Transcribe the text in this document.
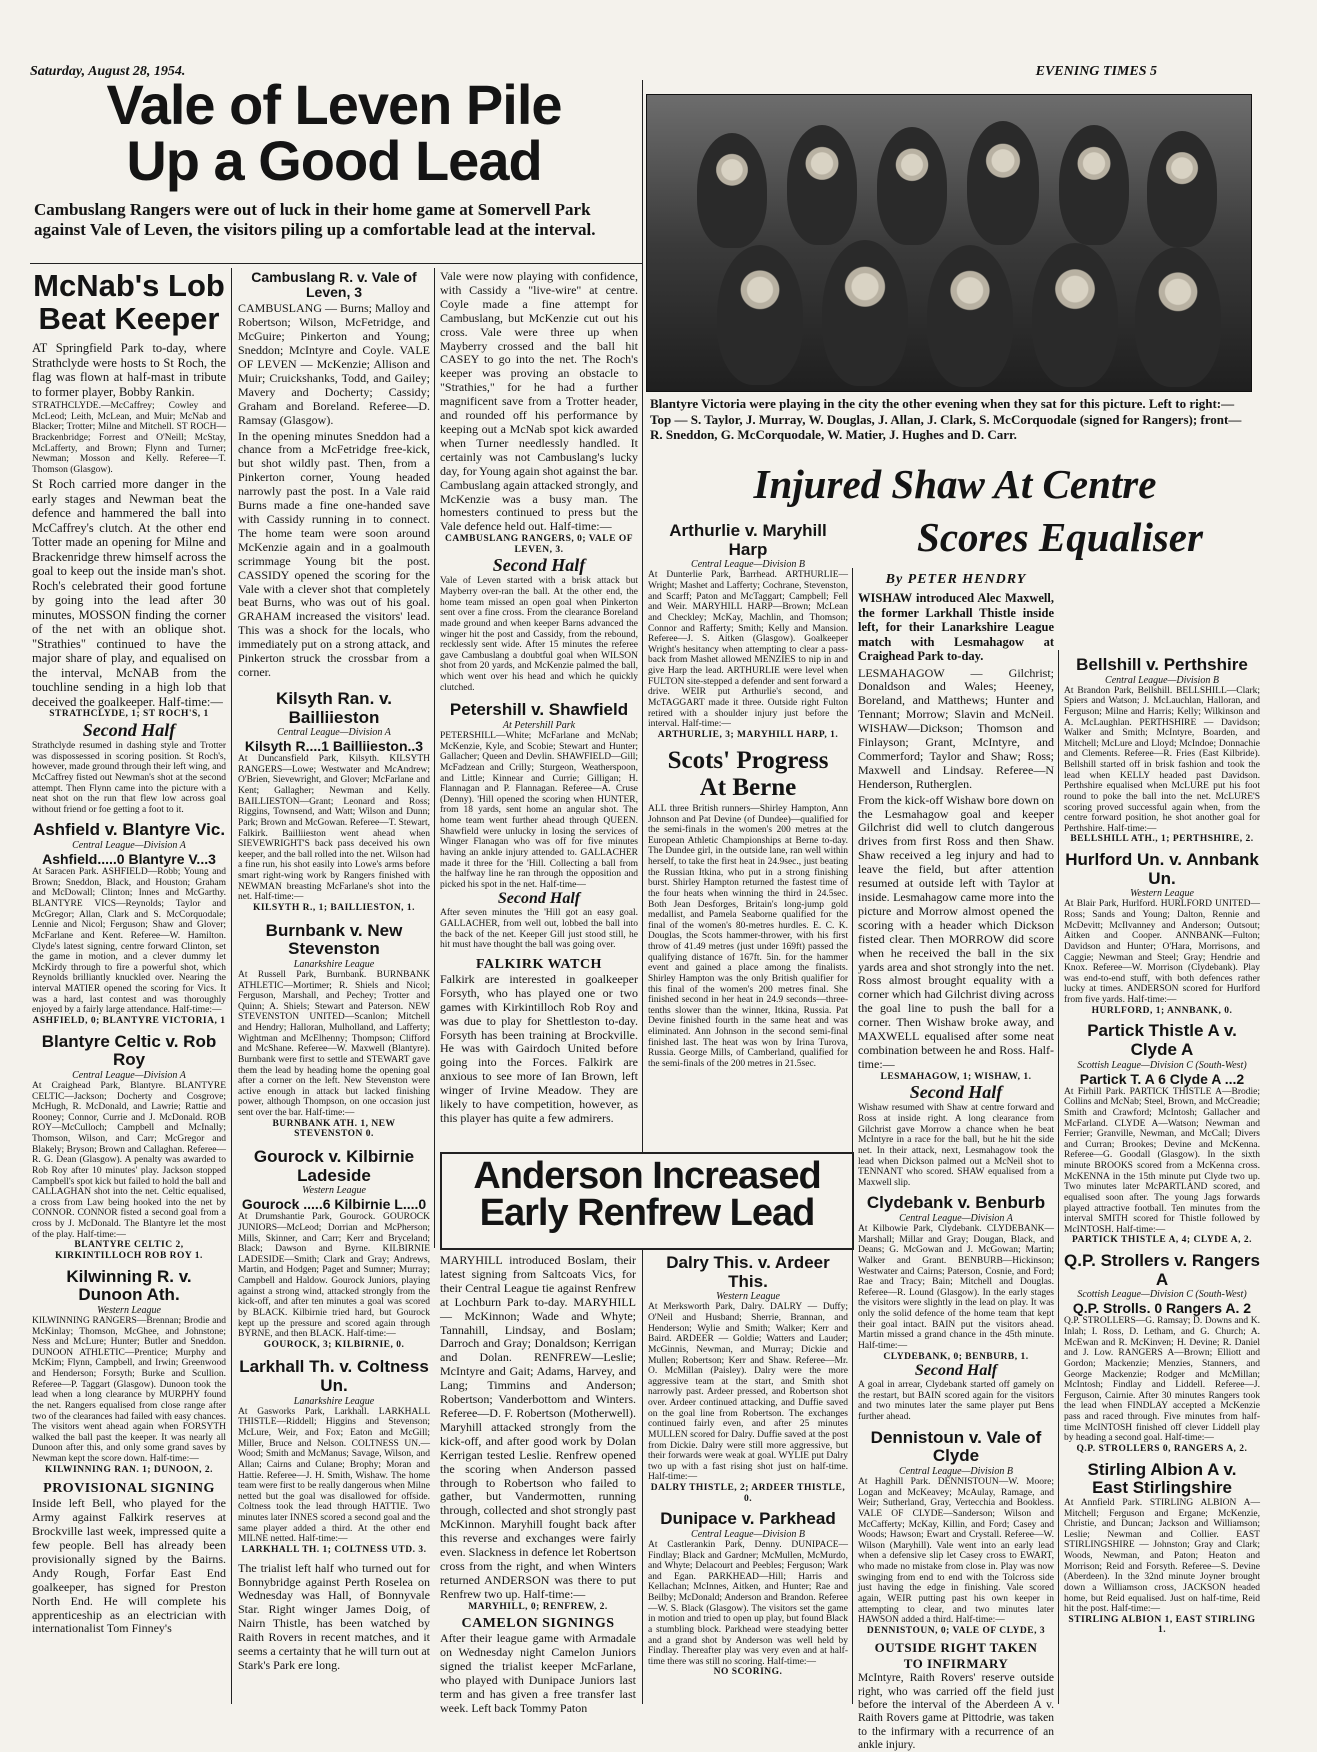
Saturday, August 28, 1954.	EVENING TIMES 5
Vale of Leven Pile
Up a Good Lead
Cambuslang Rangers were out of luck in their home game at Somervell Park against Vale of Leven, the visitors piling up a comfortable lead at the interval.
McNab's Lob
Beat Keeper
AT Springfield Park to-day, where Strathclyde were hosts to St Roch, the flag was flown at half-mast in tribute to former player, Bobby Rankin.
STRATHCLYDE.—McCaffrey; Cowley and McLeod; Leith, McLean, and Muir; McNab and Blacker; Trotter; Milne and Mitchell. ST ROCH—Brackenbridge; Forrest and O'Neill; McStay, McLafferty, and Brown; Flynn and Turner; Newman; Mosson and Kelly. Referee—T. Thomson (Glasgow).
St Roch carried more danger in the early stages and Newman beat the defence and hammered the ball into McCaffrey's clutch. At the other end Totter made an opening for Milne and Brackenridge threw himself across the goal to keep out the inside man's shot. Roch's celebrated their good fortune by going into the lead after 30 minutes, MOSSON finding the corner of the net with an oblique shot. "Strathies" continued to have the major share of play, and equalised on the interval, McNAB from the touchline sending in a high lob that deceived the goalkeeper. Half-time:—
STRATHCLYDE, 1; ST ROCH'S, 1
Second Half
Strathclyde resumed in dashing style and Trotter was dispossessed in scoring position. St Roch's, however, made ground through their left wing, and McCaffrey fisted out Newman's shot at the second attempt. Then Flynn came into the picture with a neat shot on the run that flew low across goal without friend or foe getting a foot to it.
Ashfield v. Blantyre Vic.
Central League—Division A
Ashfield.....0 Blantyre V...3
At Saracen Park. ASHFIELD—Robb; Young and Brown; Sneddon, Black, and Houston; Graham and McDowall; Clinton; Innes and McGarthy. BLANTYRE VICS—Reynolds; Taylor and McGregor; Allan, Clark and S. McCorquodale; Lennie and Nicol; Ferguson; Shaw and Glover; McFarlane and Kent. Referee—W. Hamilton. Clyde's latest signing, centre forward Clinton, set the game in motion, and a clever dummy let McKirdy through to fire a powerful shot, which Reynolds brilliantly knuckled over. Nearing the interval MATIER opened the scoring for Vics. It was a hard, last contest and was thoroughly enjoyed by a fairly large attendance. Half-time:—
ASHFIELD, 0; BLANTYRE VICTORIA, 1
Blantyre Celtic v. Rob Roy
Central League—Division A
At Craighead Park, Blantyre. BLANTYRE CELTIC—Jackson; Docherty and Cosgrove; McHugh, R. McDonald, and Lawrie; Rattie and Rooney; Connor, Currie and J. McDonald. ROB ROY—McCulloch; Campbell and McInally; Thomson, Wilson, and Carr; McGregor and Blakely; Bryson; Brown and Callaghan. Referee—R. G. Dean (Glasgow). A penalty was awarded to Rob Roy after 10 minutes' play. Jackson stopped Campbell's spot kick but failed to hold the ball and CALLAGHAN shot into the net. Celtic equalised, a cross from Law being hooked into the net by CONNOR. CONNOR fisted a second goal from a cross by J. McDonald. The Blantyre let the most of the play. Half-time:—
BLANTYRE CELTIC 2, KIRKINTILLOCH ROB ROY 1.
Kilwinning R. v. Dunoon Ath.
Western League
KILWINNING RANGERS—Brennan; Brodie and McKinlay; Thomson, McGhee, and Johnstone; Ness and McLure; Hunter; Butler and Sneddon. DUNOON ATHLETIC—Prentice; Murphy and McKim; Flynn, Campbell, and Irwin; Greenwood and Henderson; Forsyth; Burke and Scullion. Referee—P. Taggart (Glasgow). Dunoon took the lead when a long clearance by MURPHY found the net. Rangers equalised from close range after two of the clearances had failed with easy chances. The visitors went ahead again when FORSYTH walked the ball past the keeper. It was nearly all Dunoon after this, and only some grand saves by Newman kept the score down. Half-time:—
KILWINNING RAN. 1; DUNOON, 2.
PROVISIONAL SIGNING
Inside left Bell, who played for the Army against Falkirk reserves at Brockville last week, impressed quite a few people. Bell has already been provisionally signed by the Bairns. Andy Rough, Forfar East End goalkeeper, has signed for Preston North End. He will complete his apprenticeship as an electrician with internationalist Tom Finney's
Cambuslang R. v. Vale of Leven, 3
CAMBUSLANG — Burns; Malloy and Robertson; Wilson, McFetridge, and McGuire; Pinkerton and Young; Sneddon; McIntyre and Coyle. VALE OF LEVEN — McKenzie; Allison and Muir; Cruickshanks, Todd, and Gailey; Mavery and Docherty; Cassidy; Graham and Boreland. Referee—D. Ramsay (Glasgow).
In the opening minutes Sneddon had a chance from a McFetridge free-kick, but shot wildly past. Then, from a Pinkerton corner, Young headed narrowly past the post. In a Vale raid Burns made a fine one-handed save with Cassidy running in to connect. The home team were soon around McKenzie again and in a goalmouth scrimmage Young bit the post. CASSIDY opened the scoring for the Vale with a clever shot that completely beat Burns, who was out of his goal. GRAHAM increased the visitors' lead. This was a shock for the locals, who immediately put on a strong attack, and Pinkerton struck the crossbar from a corner.
Kilsyth Ran. v. Bailliieston
Central League—Division A
Kilsyth R....1 Bailliieston..3
At Duncansfield Park, Kilsyth. KILSYTH RANGERS—Lowe; Westwater and McAndrew; O'Brien, Sievewright, and Glover; McFarlane and Kent; Gallagher; Newman and Kelly. BAILLIESTON—Grant; Leonard and Ross; Riggins, Townsend, and Watt; Wilson and Dunn; Park; Brown and McGowan. Referee—T. Stewart, Falkirk. Bailliieston went ahead when SIEVEWRIGHT'S back pass deceived his own keeper, and the ball rolled into the net. Wilson had a fine run, his shot easily into Lowe's arms before smart right-wing work by Rangers finished with NEWMAN breasting McFarlane's shot into the net. Half-time:—
KILSYTH R., 1; BAILLIESTON, 1.
Burnbank v. New Stevenston
Lanarkshire League
At Russell Park, Burnbank. BURNBANK ATHLETIC—Mortimer; R. Shiels and Nicol; Ferguson, Marshall, and Pechey; Trotter and Quinn; A. Shiels; Stewart and Paterson. NEW STEVENSTON UNITED—Scanlon; Mitchell and Hendry; Halloran, Mulholland, and Lafferty; Wightman and McElhenny; Thompson; Clifford and McShane. Referee—W. Maxwell (Blantyre). Burnbank were first to settle and STEWART gave them the lead by heading home the opening goal after a corner on the left. New Stevenston were active enough in attack but lacked finishing power, although Thompson, on one occasion just sent over the bar. Half-time:—
BURNBANK ATH. 1, NEW STEVENSTON 0.
Gourock v. Kilbirnie Ladeside
Western League
Gourock .....6 Kilbirnie L....0
At Drumshantie Park, Gourock. GOUROCK JUNIORS—McLeod; Dorrian and McPherson; Mills, Skinner, and Carr; Kerr and Bryceland; Black; Dawson and Byrne. KILBIRNIE LADESIDE—Smith; Clark and Gray; Andrews, Martin, and Hodgen; Paget and Sumner; Murray; Campbell and Haldow. Gourock Juniors, playing against a strong wind, attacked strongly from the kick-off, and after ten minutes a goal was scored by BLACK. Kilbirnie tried hard, but Gourock kept up the pressure and scored again through BYRNE, and then BLACK. Half-time:—
GOUROCK, 3; KILBIRNIE, 0.
Larkhall Th. v. Coltness Un.
Lanarkshire League
At Gasworks Park, Larkhall. LARKHALL THISTLE—Riddell; Higgins and Stevenson; McLure, Weir, and Fox; Eaton and McGill; Miller, Bruce and Nelson. COLTNESS UN.—Wood; Smith and McManus; Savage, Wilson, and Allan; Cairns and Culane; Brophy; Moran and Hattie. Referee—J. H. Smith, Wishaw. The home team were first to be really dangerous when Milne netted but the goal was disallowed for offside. Coltness took the lead through HATTIE. Two minutes later INNES scored a second goal and the same player added a third. At the other end MILNE netted. Half-time:—
LARKHALL TH. 1; COLTNESS UTD. 3.
The trialist left half who turned out for Bonnybridge against Perth Roselea on Wednesday was Hall, of Bonnyvale Star. Right winger James Doig, of Nairn Thistle, has been watched by Raith Rovers in recent matches, and it seems a certainty that he will turn out at Stark's Park ere long.
Vale were now playing with confidence, with Cassidy a "live-wire" at centre. Coyle made a fine attempt for Cambuslang, but McKenzie cut out his cross. Vale were three up when Mayberry crossed and the ball hit CASEY to go into the net. The Roch's keeper was proving an obstacle to "Strathies," for he had a further magnificent save from a Trotter header, and rounded off his performance by keeping out a McNab spot kick awarded when Turner needlessly handled. It certainly was not Cambuslang's lucky day, for Young again shot against the bar. Cambuslang again attacked strongly, and McKenzie was a busy man. The homesters continued to press but the Vale defence held out. Half-time:—
CAMBUSLANG RANGERS, 0; VALE OF LEVEN, 3.
Second Half
Vale of Leven started with a brisk attack but Mayberry over-ran the ball. At the other end, the home team missed an open goal when Pinkerton sent over a fine cross. From the clearance Boreland made ground and when keeper Barns advanced the winger hit the post and Cassidy, from the rebound, recklessly sent wide. After 15 minutes the referee gave Cambuslang a doubtful goal when WILSON shot from 20 yards, and McKenzie palmed the ball, which went over his head and which he quickly clutched.
Petershill v. Shawfield
At Petershill Park
PETERSHILL—White; McFarlane and McNab; McKenzie, Kyle, and Scobie; Stewart and Hunter; Gallacher; Queen and Devlin. SHAWFIELD—Gill; McFadzean and Crilly; Sturgeon, Weatherspoon, and Little; Kinnear and Currie; Gilligan; H. Flannagan and P. Flannagan. Referee—A. Cruse (Denny). 'Hill opened the scoring when HUNTER, from 18 yards, sent home an angular shot. The home team went further ahead through QUEEN. Shawfield were unlucky in losing the services of Winger Flanagan who was off for five minutes having an ankle injury attended to. GALLACHER made it three for the 'Hill. Collecting a ball from the halfway line he ran through the opposition and picked his spot in the net. Half-time—
Second Half
After seven minutes the 'Hill got an easy goal. GALLACHER, from well out, lobbed the ball into the back of the net. Keeper Gill just stood still, he hit must have thought the ball was going over.
FALKIRK WATCH
Falkirk are interested in goalkeeper Forsyth, who has played one or two games with Kirkintilloch Rob Roy and was due to play for Shettleston to-day. Forsyth has been training at Brockville. He was with Gairdoch United before going into the Forces. Falkirk are anxious to see more of Ian Brown, left winger of Irvine Meadow. They are likely to have competition, however, as this player has quite a few admirers.
Blantyre Victoria were playing in the city the other evening when they sat for this picture. Left to right:— Top — S. Taylor, J. Murray, W. Douglas, J. Allan, J. Clark, S. McCorquodale (signed for Rangers); front— R. Sneddon, G. McCorquodale, W. Matier, J. Hughes and D. Carr.
Injured Shaw At Centre
Scores Equaliser
Arthurlie v. Maryhill Harp
Central League—Division B
At Dunterlie Park, Barrhead. ARTHURLIE—Wright; Mashet and Lafferty; Cochrane, Stevenston, and Scarff; Paton and McTaggart; Campbell; Fell and Weir. MARYHILL HARP—Brown; McLean and Checkley; McKay, Machlin, and Thomson; Connor and Rafferty; Smith; Kelly and Mansion. Referee—J. S. Aitken (Glasgow). Goalkeeper Wright's hesitancy when attempting to clear a pass-back from Mashet allowed MENZIES to nip in and give Harp the lead. ARTHURLIE were level when FULTON site-stepped a defender and sent forward a drive. WEIR put Arthurlie's second, and McTAGGART made it three. Outside right Fulton retired with a shoulder injury just before the interval. Half-time:—
ARTHURLIE, 3; MARYHILL HARP, 1.
Scots' Progress
At Berne
ALL three British runners—Shirley Hampton, Ann Johnson and Pat Devine (of Dundee)—qualified for the semi-finals in the women's 200 metres at the European Athletic Championships at Berne to-day. The Dundee girl, in the outside lane, ran well within herself, to take the first heat in 24.9sec., just beating the Russian Itkina, who put in a strong finishing burst. Shirley Hampton returned the fastest time of the four heats when winning the third in 24.5sec. Both Jean Desforges, Britain's long-jump gold medallist, and Pamela Seaborne qualified for the final of the women's 80-metres hurdles. E. C. K. Douglas, the Scots hammer-thrower, with his first throw of 41.49 metres (just under 169ft) passed the qualifying distance of 167ft. 5in. for the hammer event and gained a place among the finalists. Shirley Hampton was the only British qualifier for this final of the women's 200 metres final. She finished second in her heat in 24.9 seconds—three-tenths slower than the winner, Itkina, Russia. Pat Devine finished fourth in the same heat and was eliminated. Ann Johnson in the second semi-final finished last. The heat was won by Irina Turova, Russia. George Mills, of Camberland, qualified for the semi-finals of the 200 metres in 21.5sec.
Anderson Increased
Early Renfrew Lead
MARYHILL introduced Boslam, their latest signing from Saltcoats Vics, for their Central League tie against Renfrew at Lochburn Park to-day. MARYHILL — McKinnon; Wade and Whyte; Tannahill, Lindsay, and Boslam; Darroch and Gray; Donaldson; Kerrigan and Dolan. RENFREW—Leslie; McIntyre and Gait; Adams, Harvey, and Lang; Timmins and Anderson; Robertson; Vanderbottom and Winters. Referee—D. F. Robertson (Motherwell). Maryhill attacked strongly from the kick-off, and after good work by Dolan Kerrigan tested Leslie. Renfrew opened the scoring when Anderson passed through to Robertson who failed to gather, but Vandermotten, running through, collected and shot strongly past McKinnon. Maryhill fought back after this reverse and exchanges were fairly even. Slackness in defence let Robertson cross from the right, and when Winters returned ANDERSON was there to put Renfrew two up. Half-time:—
MARYHILL, 0; RENFREW, 2.
CAMELON SIGNINGS
After their league game with Armadale on Wednesday night Camelon Juniors signed the trialist keeper McFarlane, who played with Dunipace Juniors last term and has given a free transfer last week. Left back Tommy Paton
Dalry This. v. Ardeer This.
Western League
At Merksworth Park, Dalry. DALRY — Duffy; O'Neil and Husband; Sherrie, Brannan, and Henderson; Wylie and Smith; Walker; Kerr and Baird. ARDEER — Goldie; Watters and Lauder; McGinnis, Newman, and Murray; Dickie and Mullen; Robertson; Kerr and Shaw. Referee—Mr. O. McMillan (Paisley). Dalry were the more aggressive team at the start, and Smith shot narrowly past. Ardeer pressed, and Robertson shot over. Ardeer continued attacking, and Duffie saved on the goal line from Robertson. The exchanges continued fairly even, and after 25 minutes MULLEN scored for Dalry. Duffie saved at the post from Dickie. Dalry were still more aggressive, but their forwards were weak at goal. WYLIE put Dalry two up with a fast rising shot just on half-time. Half-time:—
DALRY THISTLE, 2; ARDEER THISTLE, 0.
Dunipace v. Parkhead
Central League—Division B
At Castlerankin Park, Denny. DUNIPACE—Findlay; Black and Gardner; McMullen, McMurdo, and Whyte; Delacourt and Peebles; Ferguson; Wark and Egan. PARKHEAD—Hill; Harris and Kellachan; McInnes, Aitken, and Hunter; Rae and Beilby; McDonald; Anderson and Brandon. Referee—W. S. Black (Glasgow). The visitors set the game in motion and tried to open up play, but found Black a stumbling block. Parkhead were steadying better and a grand shot by Anderson was well held by Findlay. Thereafter play was very even and at half-time there was still no scoring. Half-time:—
NO SCORING.
By PETER HENDRY
WISHAW introduced Alec Maxwell, the former Larkhall Thistle inside left, for their Lanarkshire League match with Lesmahagow at Craighead Park to-day.
LESMAHAGOW — Gilchrist; Donaldson and Wales; Heeney, Boreland, and Matthews; Hunter and Tennant; Morrow; Slavin and McNeil. WISHAW—Dickson; Thomson and Finlayson; Grant, McIntyre, and Commerford; Taylor and Shaw; Ross; Maxwell and Lindsay. Referee—N Henderson, Rutherglen.
From the kick-off Wishaw bore down on the Lesmahagow goal and keeper Gilchrist did well to clutch dangerous drives from first Ross and then Shaw. Shaw received a leg injury and had to leave the field, but after attention resumed at outside left with Taylor at inside. Lesmahagow came more into the picture and Morrow almost opened the scoring with a header which Dickson fisted clear. Then MORROW did score when he received the ball in the six yards area and shot strongly into the net. Ross almost brought equality with a corner which had Gilchrist diving across the goal line to push the ball for a corner. Then Wishaw broke away, and MAXWELL equalised after some neat combination between he and Ross. Half-time:—
LESMAHAGOW, 1; WISHAW, 1.
Second Half
Wishaw resumed with Shaw at centre forward and Ross at inside right. A long clearance from Gilchrist gave Morrow a chance when he beat McIntyre in a race for the ball, but he hit the side net. In their attack, next, Lesmahagow took the lead when Dickson palmed out a McNeil shot to TENNANT who scored. SHAW equalised from a Maxwell slip.
Clydebank v. Benburb
Central League—Division A
At Kilbowie Park, Clydebank. CLYDEBANK—Marshall; Millar and Gray; Dougan, Black, and Deans; G. McGowan and J. McGowan; Martin; Walker and Grant. BENBURB—Hickinson; Westwater and Cairns; Paterson, Cosnie, and Ford; Rae and Tracy; Bain; Mitchell and Douglas. Referee—R. Lound (Glasgow). In the early stages the visitors were slightly in the lead on play. It was only the solid defence of the home team that kept their goal intact. BAIN put the visitors ahead. Martin missed a grand chance in the 45th minute. Half-time:—
CLYDEBANK, 0; BENBURB, 1.
Second Half
A goal in arrear, Clydebank started off gamely on the restart, but BAIN scored again for the visitors and two minutes later the same player put Bens further ahead.
Dennistoun v. Vale of Clyde
Central League—Division B
At Haghill Park. DENNISTOUN—W. Moore; Logan and McKeavey; McAulay, Ramage, and Weir; Sutherland, Gray, Vertecchia and Bookless. VALE OF CLYDE—Sanderson; Wilson and McCafferty; McKay, Killin, and Ford; Casey and Woods; Hawson; Ewart and Crystall. Referee—W. Wilson (Maryhill). Vale went into an early lead when a defensive slip let Casey cross to EWART, who made no mistake from close in. Play was now swinging from end to end with the Tolcross side just having the edge in finishing. Vale scored again, WEIR putting past his own keeper in attempting to clear, and two minutes later HAWSON added a third. Half-time:—
DENNISTOUN, 0; VALE OF CLYDE, 3
OUTSIDE RIGHT TAKEN
TO INFIRMARY
McIntyre, Raith Rovers' reserve outside right, who was carried off the field just before the interval of the Aberdeen A v. Raith Rovers game at Pittodrie, was taken to the infirmary with a recurrence of an ankle injury.
Bellshill v. Perthshire
Central League—Division B
At Brandon Park, Bellshill. BELLSHILL—Clark; Spiers and Watson; J. McLauchlan, Halloran, and Ferguson; Milne and Harris; Kelly; Wilkinson and A. McLaughlan. PERTHSHIRE — Davidson; Walker and Smith; McIntyre, Boarden, and Mitchell; McLure and Lloyd; McIndoe; Donnachie and Clements. Referee—R. Fries (East Kilbride). Bellshill started off in brisk fashion and took the lead when KELLY headed past Davidson. Perthshire equalised when McLURE put his foot round to poke the ball into the net. McLURE'S scoring proved successful again when, from the centre forward position, he shot another goal for Perthshire. Half-time:—
BELLSHILL ATH., 1; PERTHSHIRE, 2.
Hurlford Un. v. Annbank Un.
Western League
At Blair Park, Hurlford. HURLFORD UNITED—Ross; Sands and Young; Dalton, Rennie and McDevitt; McIlvanney and Anderson; Outsout; Aitken and Cooper. ANNBANK—Fulton; Davidson and Hunter; O'Hara, Morrisons, and Caggie; Newman and Steel; Gray; Hendrie and Knox. Referee—W. Morrison (Clydebank). Play was end-to-end stuff, with both defences rather lucky at times. ANDERSON scored for Hurlford from five yards. Half-time:—
HURLFORD, 1; ANNBANK, 0.
Partick Thistle A v. Clyde A
Scottish League—Division C (South-West)
Partick T. A 6 Clyde A ...2
At Firhill Park. PARTICK THISTLE A—Brodie; Collins and McNab; Steel, Brown, and McCreadie; Smith and Crawford; McIntosh; Gallacher and McFarland. CLYDE A—Watson; Newman and Ferrier; Granville, Newman, and McCall; Divers and Curran; Brookes; Devine and McKenna. Referee—G. Goodall (Glasgow). In the sixth minute BROOKS scored from a McKenna cross. McKENNA in the 15th minute put Clyde two up. Two minutes later McPARTLAND scored, and equalised soon after. The young Jags forwards played attractive football. Ten minutes from the interval SMITH scored for Thistle followed by McINTOSH. Half-time:—
PARTICK THISTLE A, 4; CLYDE A, 2.
Q.P. Strollers v. Rangers A
Scottish League—Division C (South-West)
Q.P. Strolls. 0 Rangers A. 2
Q.P. STROLLERS—G. Ramsay; D. Downs and K. Inlah; I. Ross, D. Letham, and G. Church; A. McEwan and R. McKinven; H. Devine; R. Daniel and J. Low. RANGERS A—Brown; Elliott and Gordon; Mackenzie; Menzies, Stanners, and George Mackenzie; Rodger and McMillan; McIntosh; Findlay and Liddell. Referee—J. Ferguson, Cairnie. After 30 minutes Rangers took the lead when FINDLAY accepted a McKenzie pass and raced through. Five minutes from half-time McINTOSH finished off clever Liddell play by heading a second goal. Half-time:—
Q.P. STROLLERS 0, RANGERS A, 2.
Stirling Albion A v.
East Stirlingshire
At Annfield Park. STIRLING ALBION A—Mitchell; Ferguson and Ergane; McKenzie, Christie, and Duncan; Jackson and Williamson; Leslie; Newman and Collier. EAST STIRLINGSHIRE — Johnston; Gray and Clark; Woods, Newman, and Paton; Heaton and Morrison; Reid and Forsyth. Referee—S. Devine (Aberdeen). In the 32nd minute Joyner brought down a Williamson cross, JACKSON headed home, but Reid equalised. Just on half-time, Reid hit the post. Half-time:—
STIRLING ALBION 1, EAST STIRLING 1.
